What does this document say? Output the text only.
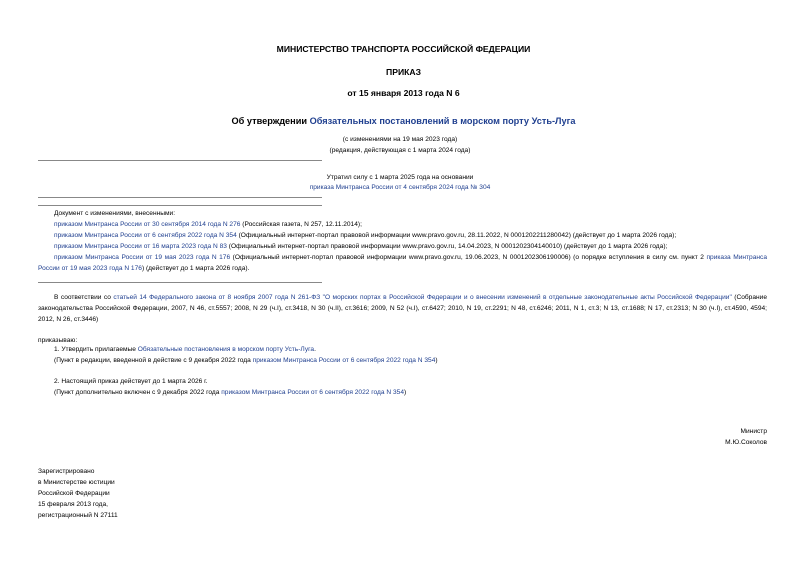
МИНИСТЕРСТВО ТРАНСПОРТА РОССИЙСКОЙ ФЕДЕРАЦИИ
ПРИКАЗ
от 15 января 2013 года N 6
Об утверждении Обязательных постановлений в морском порту Усть-Луга
(с изменениями на 19 мая 2023 года)
(редакция, действующая с 1 марта 2024 года)
Утратил силу с 1 марта 2025 года на основании
приказа Минтранса России от 4 сентября 2024 года № 304
Документ с изменениями, внесенными:
приказом Минтранса России от 30 сентября 2014 года N 276 (Российская газета, N 257, 12.11.2014);
приказом Минтранса России от 6 сентября 2022 года N 354 (Официальный интернет-портал правовой информации www.pravo.gov.ru, 28.11.2022, N 0001202211280042) (действует до 1 марта 2026 года);
приказом Минтранса России от 16 марта 2023 года N 83 (Официальный интернет-портал правовой информации www.pravo.gov.ru, 14.04.2023, N 0001202304140010) (действует до 1 марта 2026 года);
приказом Минтранса России от 19 мая 2023 года N 176 (Официальный интернет-портал правовой информации www.pravo.gov.ru, 19.06.2023, N 0001202306190006) (о порядке вступления в силу см. пункт 2 приказа Минтранса России от 19 мая 2023 года N 176) (действует до 1 марта 2026 года).
В соответствии со статьей 14 Федерального закона от 8 ноября 2007 года N 261-ФЗ "О морских портах в Российской Федерации и о внесении изменений в отдельные законодательные акты Российской Федерации" (Собрание законодательства Российской Федерации, 2007, N 46, ст.5557; 2008, N 29 (ч.I), ст.3418, N 30 (ч.II), ст.3616; 2009, N 52 (ч.I), ст.6427; 2010, N 19, ст.2291; N 48, ст.6246; 2011, N 1, ст.3; N 13, ст.1688; N 17, ст.2313; N 30 (ч.I), ст.4590, 4594; 2012, N 26, ст.3446)
приказываю:
1. Утвердить прилагаемые Обязательные постановления в морском порту Усть-Луга.
(Пункт в редакции, введенной в действие с 9 декабря 2022 года приказом Минтранса России от 6 сентября 2022 года N 354)
2. Настоящий приказ действует до 1 марта 2026 г.
(Пункт дополнительно включен с 9 декабря 2022 года приказом Минтранса России от 6 сентября 2022 года N 354)
Министр
М.Ю.Соколов
Зарегистрировано
в Министерстве юстиции
Российской Федерации
15 февраля 2013 года,
регистрационный N 27111
